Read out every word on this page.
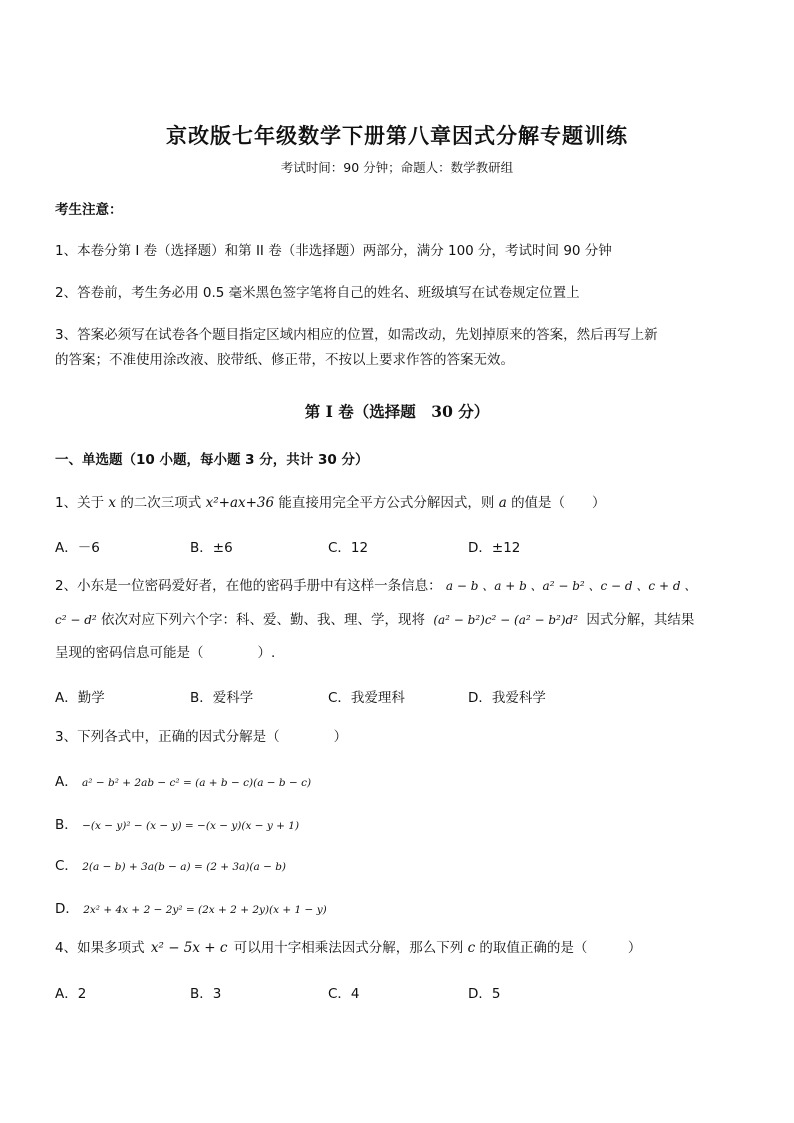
京改版七年级数学下册第八章因式分解专题训练
考试时间：90 分钟；命题人：数学教研组
考生注意：
1、本卷分第 I 卷（选择题）和第 II 卷（非选择题）两部分，满分 100 分，考试时间 90 分钟
2、答卷前，考生务必用 0.5 毫米黑色签字笔将自己的姓名、班级填写在试卷规定位置上
3、答案必须写在试卷各个题目指定区域内相应的位置，如需改动，先划掉原来的答案，然后再写上新
的答案；不准使用涂改液、胶带纸、修正带，不按以上要求作答的答案无效。
第 I 卷（选择题　30 分）
一、单选题（10 小题，每小题 3 分，共计 30 分）
1、关于 x 的二次三项式 x²+ax+36 能直接用完全平方公式分解因式，则 a 的值是（　　）
A．－6	B．±6	C．12	D．±12
2、小东是一位密码爱好者，在他的密码手册中有这样一条信息： a − b 、a + b 、a² − b² 、c − d 、c + d 、
c² − d² 依次对应下列六个字：科、爱、勤、我、理、学，现将 (a² − b²)c² − (a² − b²)d² 因式分解，其结果
呈现的密码信息可能是（　　　　）.
A．勤学	B．爱科学	C．我爱理科	D．我爱科学
3、下列各式中，正确的因式分解是（　　　　）
A． a² − b² + 2ab − c² = (a + b − c)(a − b − c)
B． −(x − y)² − (x − y) = −(x − y)(x − y + 1)
C． 2(a − b) + 3a(b − a) = (2 + 3a)(a − b)
D． 2x² + 4x + 2 − 2y² = (2x + 2 + 2y)(x + 1 − y)
4、如果多项式 x² − 5x + c 可以用十字相乘法因式分解，那么下列 c 的取值正确的是（　　　）
A．2	B．3	C．4	D．5
